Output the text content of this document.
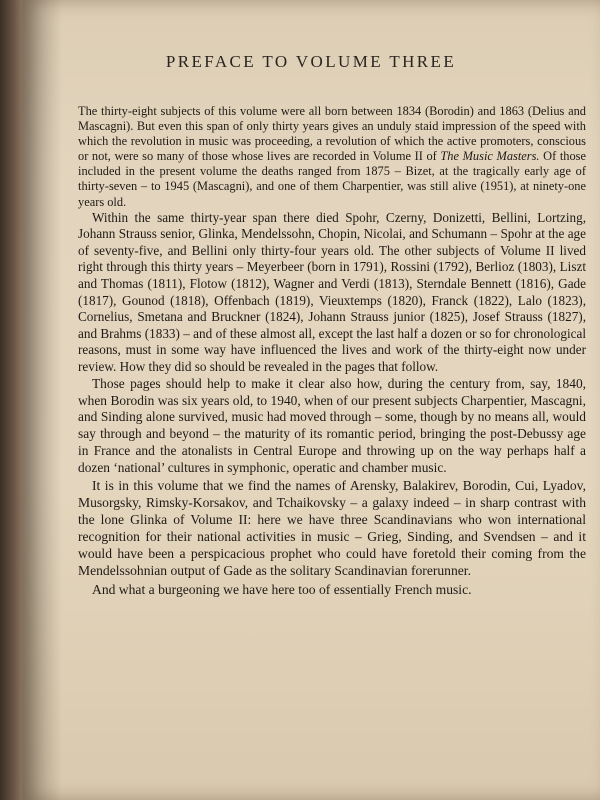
PREFACE TO VOLUME THREE

The thirty-eight subjects of this volume were all born between 1834 (Borodin) and 1863 (Delius and Mascagni). But even this span of only thirty years gives an unduly staid impression of the speed with which the revolution in music was proceeding, a revolution of which the active promoters, conscious or not, were so many of those whose lives are recorded in Volume II of The Music Masters. Of those included in the present volume the deaths ranged from 1875 – Bizet, at the tragically early age of thirty-seven – to 1945 (Mascagni), and one of them Charpentier, was still alive (1951), at ninety-one years old.

Within the same thirty-year span there died Spohr, Czerny, Donizetti, Bellini, Lortzing, Johann Strauss senior, Glinka, Mendelssohn, Chopin, Nicolai, and Schumann – Spohr at the age of seventy-five, and Bellini only thirty-four years old. The other subjects of Volume II lived right through this thirty years – Meyerbeer (born in 1791), Rossini (1792), Berlioz (1803), Liszt and Thomas (1811), Flotow (1812), Wagner and Verdi (1813), Sterndale Bennett (1816), Gade (1817), Gounod (1818), Offenbach (1819), Vieuxtemps (1820), Franck (1822), Lalo (1823), Cornelius, Smetana and Bruckner (1824), Johann Strauss junior (1825), Josef Strauss (1827), and Brahms (1833) – and of these almost all, except the last half a dozen or so for chronological reasons, must in some way have influenced the lives and work of the thirty-eight now under review. How they did so should be revealed in the pages that follow.

Those pages should help to make it clear also how, during the century from, say, 1840, when Borodin was six years old, to 1940, when of our present subjects Charpentier, Mascagni, and Sinding alone survived, music had moved through – some, though by no means all, would say through and beyond – the maturity of its romantic period, bringing the post-Debussy age in France and the atonalists in Central Europe and throwing up on the way perhaps half a dozen ‘national’ cultures in symphonic, operatic and chamber music.

It is in this volume that we find the names of Arensky, Balakirev, Borodin, Cui, Lyadov, Musorgsky, Rimsky-Korsakov, and Tchaikovsky – a galaxy indeed – in sharp contrast with the lone Glinka of Volume II: here we have three Scandinavians who won international recognition for their national activities in music – Grieg, Sinding, and Svendsen – and it would have been a perspicacious prophet who could have foretold their coming from the Mendelssohnian output of Gade as the solitary Scandinavian forerunner.

And what a burgeoning we have here too of essentially French music.
